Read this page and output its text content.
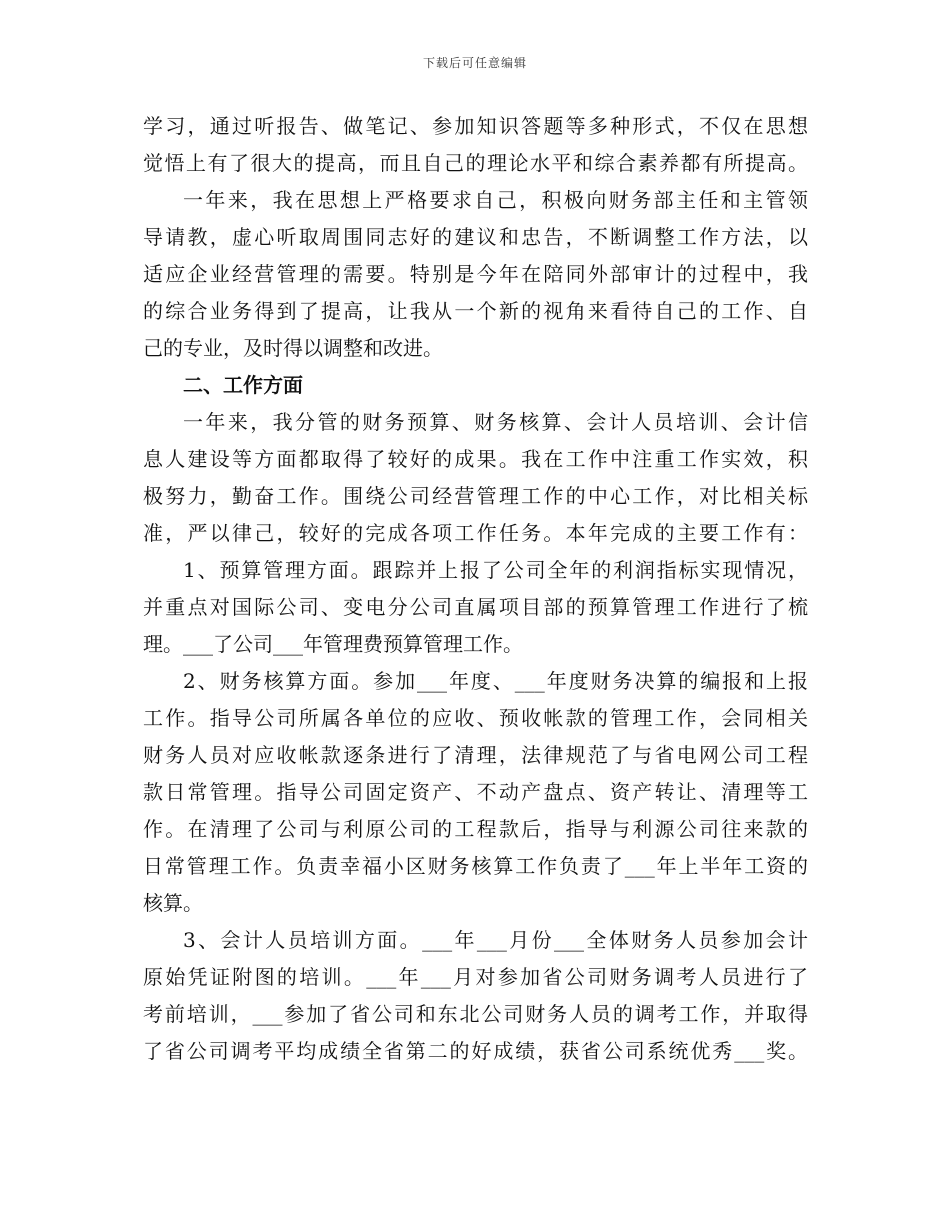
下载后可任意编辑
学习，通过听报告、做笔记、参加知识答题等多种形式，不仅在思想
觉悟上有了很大的提高，而且自己的理论水平和综合素养都有所提高。
一年来，我在思想上严格要求自己，积极向财务部主任和主管领
导请教，虚心听取周围同志好的建议和忠告，不断调整工作方法，以
适应企业经营管理的需要。特别是今年在陪同外部审计的过程中，我
的综合业务得到了提高，让我从一个新的视角来看待自己的工作、自
己的专业，及时得以调整和改进。
二、工作方面
一年来，我分管的财务预算、财务核算、会计人员培训、会计信
息人建设等方面都取得了较好的成果。我在工作中注重工作实效，积
极努力，勤奋工作。围绕公司经营管理工作的中心工作，对比相关标
准，严以律己，较好的完成各项工作任务。本年完成的主要工作有：
1、预算管理方面。跟踪并上报了公司全年的利润指标实现情况，
并重点对国际公司、变电分公司直属项目部的预算管理工作进行了梳
理。___了公司___年管理费预算管理工作。
2、财务核算方面。参加___年度、___年度财务决算的编报和上报
工作。指导公司所属各单位的应收、预收帐款的管理工作，会同相关
财务人员对应收帐款逐条进行了清理，法律规范了与省电网公司工程
款日常管理。指导公司固定资产、不动产盘点、资产转让、清理等工
作。在清理了公司与利原公司的工程款后，指导与利源公司往来款的
日常管理工作。负责幸福小区财务核算工作负责了___年上半年工资的
核算。
3、会计人员培训方面。___年___月份___全体财务人员参加会计
原始凭证附图的培训。___年___月对参加省公司财务调考人员进行了
考前培训，___参加了省公司和东北公司财务人员的调考工作，并取得
了省公司调考平均成绩全省第二的好成绩，获省公司系统优秀___奖。
